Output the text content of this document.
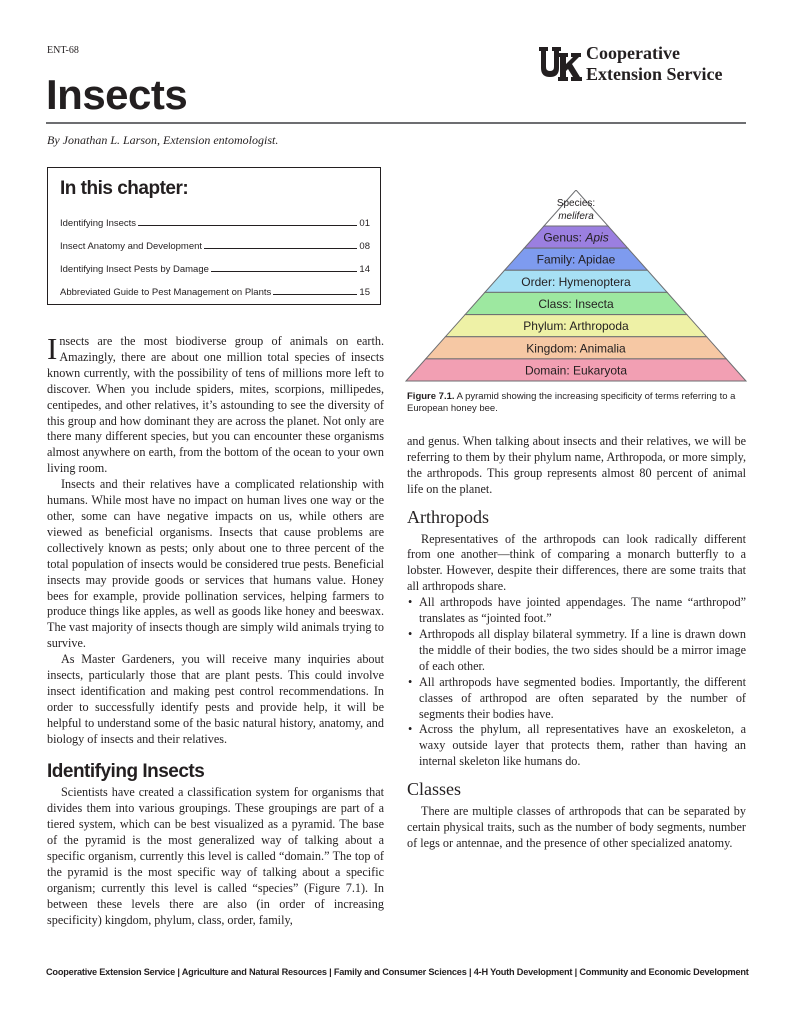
ENT-68
Insects
Cooperative
Extension Service
By Jonathan L. Larson, Extension entomologist.
In this chapter:
Identifying Insects	01
Insect Anatomy and Development	08
Identifying Insect Pests by Damage	14
Abbreviated Guide to Pest Management on Plants	15

Insects are the most biodiverse group of animals on earth. Amazingly, there are about one million total species of insects known currently, with the possibility of tens of millions more left to discover. When you include spiders, mites, scorpions, millipedes, centipedes, and other relatives, it’s astounding to see the diversity of this group and how dominant they are across the planet. Not only are there many different species, but you can encounter these organisms almost anywhere on earth, from the bottom of the ocean to your own living room.

Insects and their relatives have a complicated relationship with humans. While most have no impact on human lives one way or the other, some can have negative impacts on us, while others are viewed as beneficial organisms. Insects that cause problems are collectively known as pests; only about one to three percent of the total population of insects would be considered true pests. Beneficial insects may provide goods or services that humans value. Honey bees for example, provide pollination services, helping farmers to produce things like apples, as well as goods like honey and beeswax. The vast majority of insects though are simply wild animals trying to survive.

As Master Gardeners, you will receive many inquiries about insects, particularly those that are plant pests. This could involve insect identification and making pest control recommendations. In order to successfully identify pests and provide help, it will be helpful to understand some of the basic natural history, anatomy, and biology of insects and their relatives.

Identifying Insects

Scientists have created a classification system for organisms that divides them into various groupings. These groupings are part of a tiered system, which can be best visualized as a pyramid. The base of the pyramid is the most generalized way of talking about a specific organism, currently this level is called “domain.” The top of the pyramid is the most specific way of talking about a specific organism; currently this level is called “species” (Figure 7.1). In between these levels there are also (in order of increasing specificity) kingdom, phylum, class, order, family,

Species:
melifera
Genus: Apis
Family: Apidae
Order: Hymenoptera
Class: Insecta
Phylum: Arthropoda
Kingdom: Animalia
Domain: Eukaryota
Figure 7.1. A pyramid showing the increasing specificity of terms referring to a European honey bee.

and genus. When talking about insects and their relatives, we will be referring to them by their phylum name, Arthropoda, or more simply, the arthropods. This group represents almost 80 percent of animal life on the planet.

Arthropods

Representatives of the arthropods can look radically different from one another—think of comparing a monarch butterfly to a lobster. However, despite their differences, there are some traits that all arthropods share.

• All arthropods have jointed appendages. The name “arthropod” translates as “jointed foot.”
• Arthropods all display bilateral symmetry. If a line is drawn down the middle of their bodies, the two sides should be a mirror image of each other.
• All arthropods have segmented bodies. Importantly, the different classes of arthropod are often separated by the number of segments their bodies have.
• Across the phylum, all representatives have an exoskeleton, a waxy outside layer that protects them, rather than having an internal skeleton like humans do.
Classes

There are multiple classes of arthropods that can be separated by certain physical traits, such as the number of body segments, number of legs or antennae, and the presence of other specialized anatomy.

Cooperative Extension Service | Agriculture and Natural Resources | Family and Consumer Sciences | 4-H Youth Development | Community and Economic Development
